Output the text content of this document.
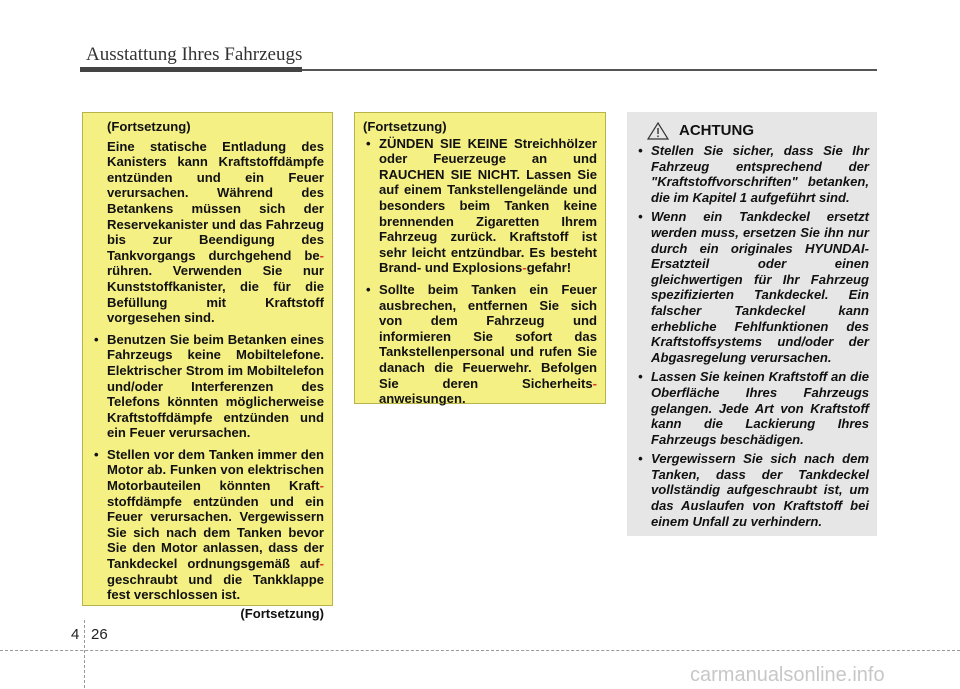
Ausstattung Ihres Fahrzeugs
(Fortsetzung)

Eine statische Entladung des Kanisters kann Kraftstoffdämpfe entzünden und ein Feuer verursachen. Während des Betankens müssen sich der Reservekanister und das Fahrzeug bis zur Beendigung des Tankvorgangs durchgehend be-rühren. Verwenden Sie nur Kunststoffkanister, die für die Befüllung mit Kraftstoff vorgesehen sind.

• Benutzen Sie beim Betanken eines Fahrzeugs keine Mobiltelefone. Elektrischer Strom im Mobiltelefon und/oder Interferenzen des Telefons könnten möglicherweise Kraftstoffdämpfe entzünden und ein Feuer verursachen.
• Stellen vor dem Tanken immer den Motor ab. Funken von elektrischen Motorbauteilen könnten Kraft-stoffdämpfe entzünden und ein Feuer verursachen. Vergewissern Sie sich nach dem Tanken bevor Sie den Motor anlassen, dass der Tankdeckel ordnungsgemäß auf-geschraubt und die Tankklappe fest verschlossen ist.
(Fortsetzung)
(Fortsetzung)
• ZÜNDEN SIE KEINE Streichhölzer oder Feuerzeuge an und RAUCHEN SIE NICHT. Lassen Sie auf einem Tankstellengelände und besonders beim Tanken keine brennenden Zigaretten Ihrem Fahrzeug zurück. Kraftstoff ist sehr leicht entzündbar. Es besteht Brand- und Explosions-gefahr!
• Sollte beim Tanken ein Feuer ausbrechen, entfernen Sie sich von dem Fahrzeug und informieren Sie sofort das Tankstellenpersonal und rufen Sie danach die Feuerwehr. Befolgen Sie deren Sicherheits-anweisungen.
ACHTUNG
• Stellen Sie sicher, dass Sie Ihr Fahrzeug entsprechend der "Kraftstoffvorschriften" betanken, die im Kapitel 1 aufgeführt sind.
• Wenn ein Tankdeckel ersetzt werden muss, ersetzen Sie ihn nur durch ein originales HYUNDAI-Ersatzteil oder einen gleichwertigen für Ihr Fahrzeug spezifizierten Tankdeckel. Ein falscher Tankdeckel kann erhebliche Fehlfunktionen des Kraftstoffsystems und/oder der Abgasregelung verursachen.
• Lassen Sie keinen Kraftstoff an die Oberfläche Ihres Fahrzeugs gelangen. Jede Art von Kraftstoff kann die Lackierung Ihres Fahrzeugs beschädigen.
• Vergewissern Sie sich nach dem Tanken, dass der Tankdeckel vollständig aufgeschraubt ist, um das Auslaufen von Kraftstoff bei einem Unfall zu verhindern.
4 26
carmanualsonline.info
